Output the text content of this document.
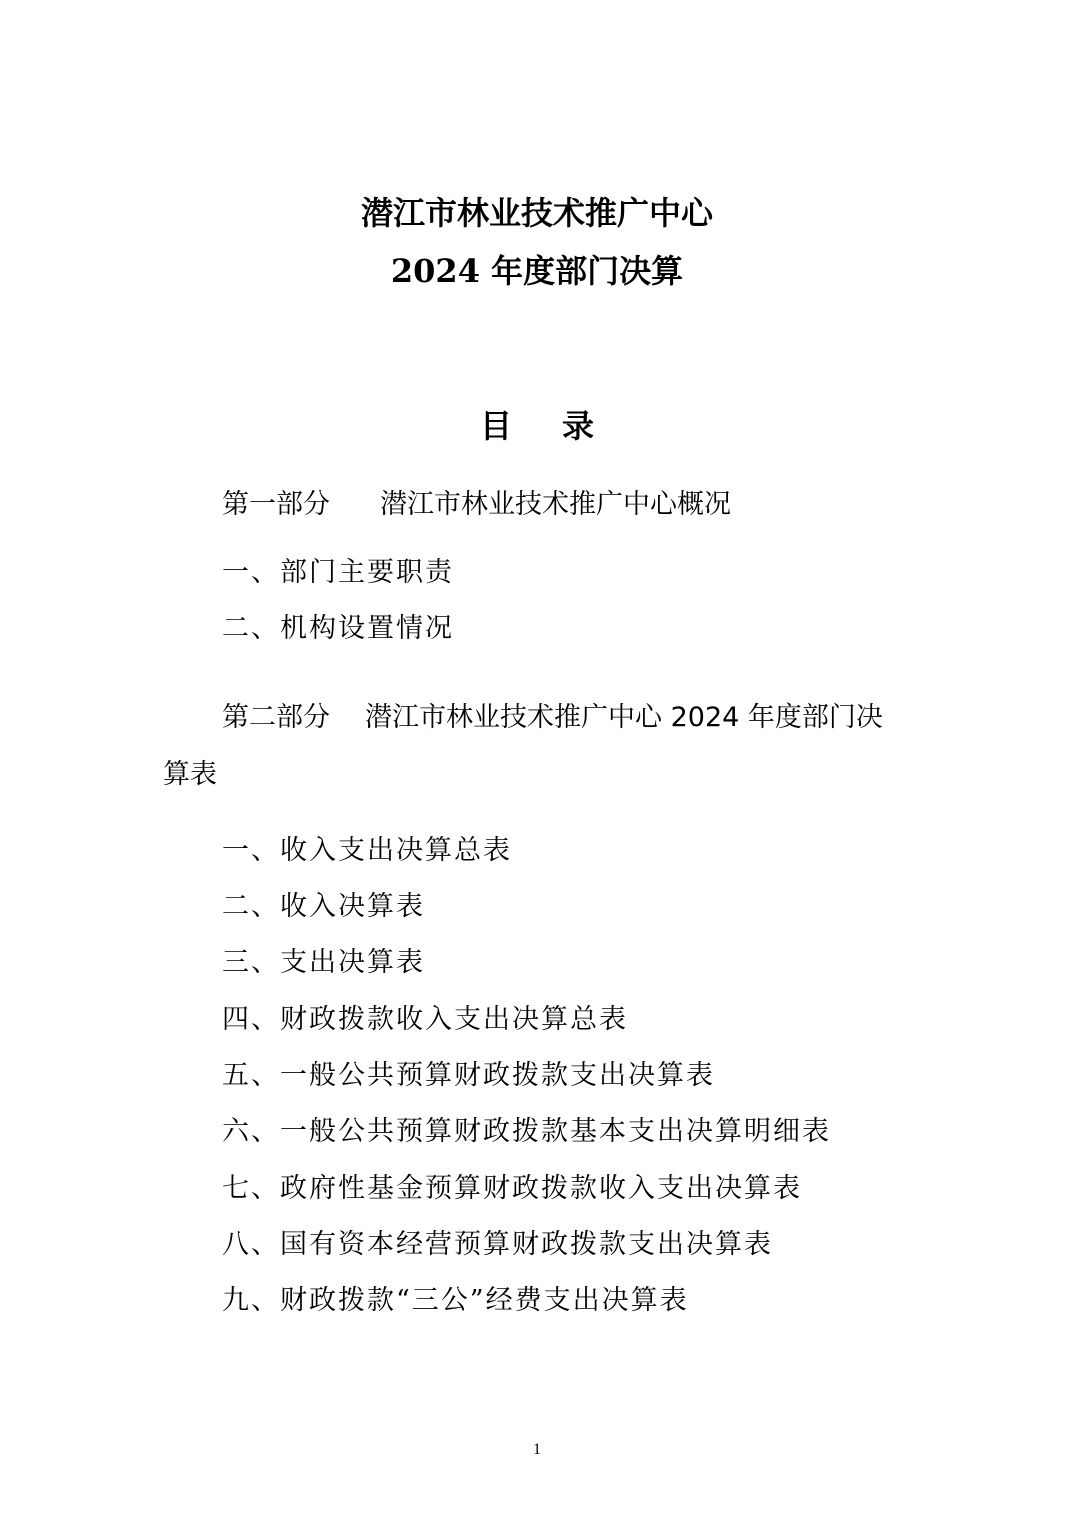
潜江市林业技术推广中心
2024 年度部门决算
目录
第一部分 潜江市林业技术推广中心概况
一、部门主要职责
二、机构设置情况
第二部分 潜江市林业技术推广中心 2024 年度部门决
算表
一、收入支出决算总表
二、收入决算表
三、支出决算表
四、财政拨款收入支出决算总表
五、一般公共预算财政拨款支出决算表
六、一般公共预算财政拨款基本支出决算明细表
七、政府性基金预算财政拨款收入支出决算表
八、国有资本经营预算财政拨款支出决算表
九、财政拨款“三公”经费支出决算表
1
